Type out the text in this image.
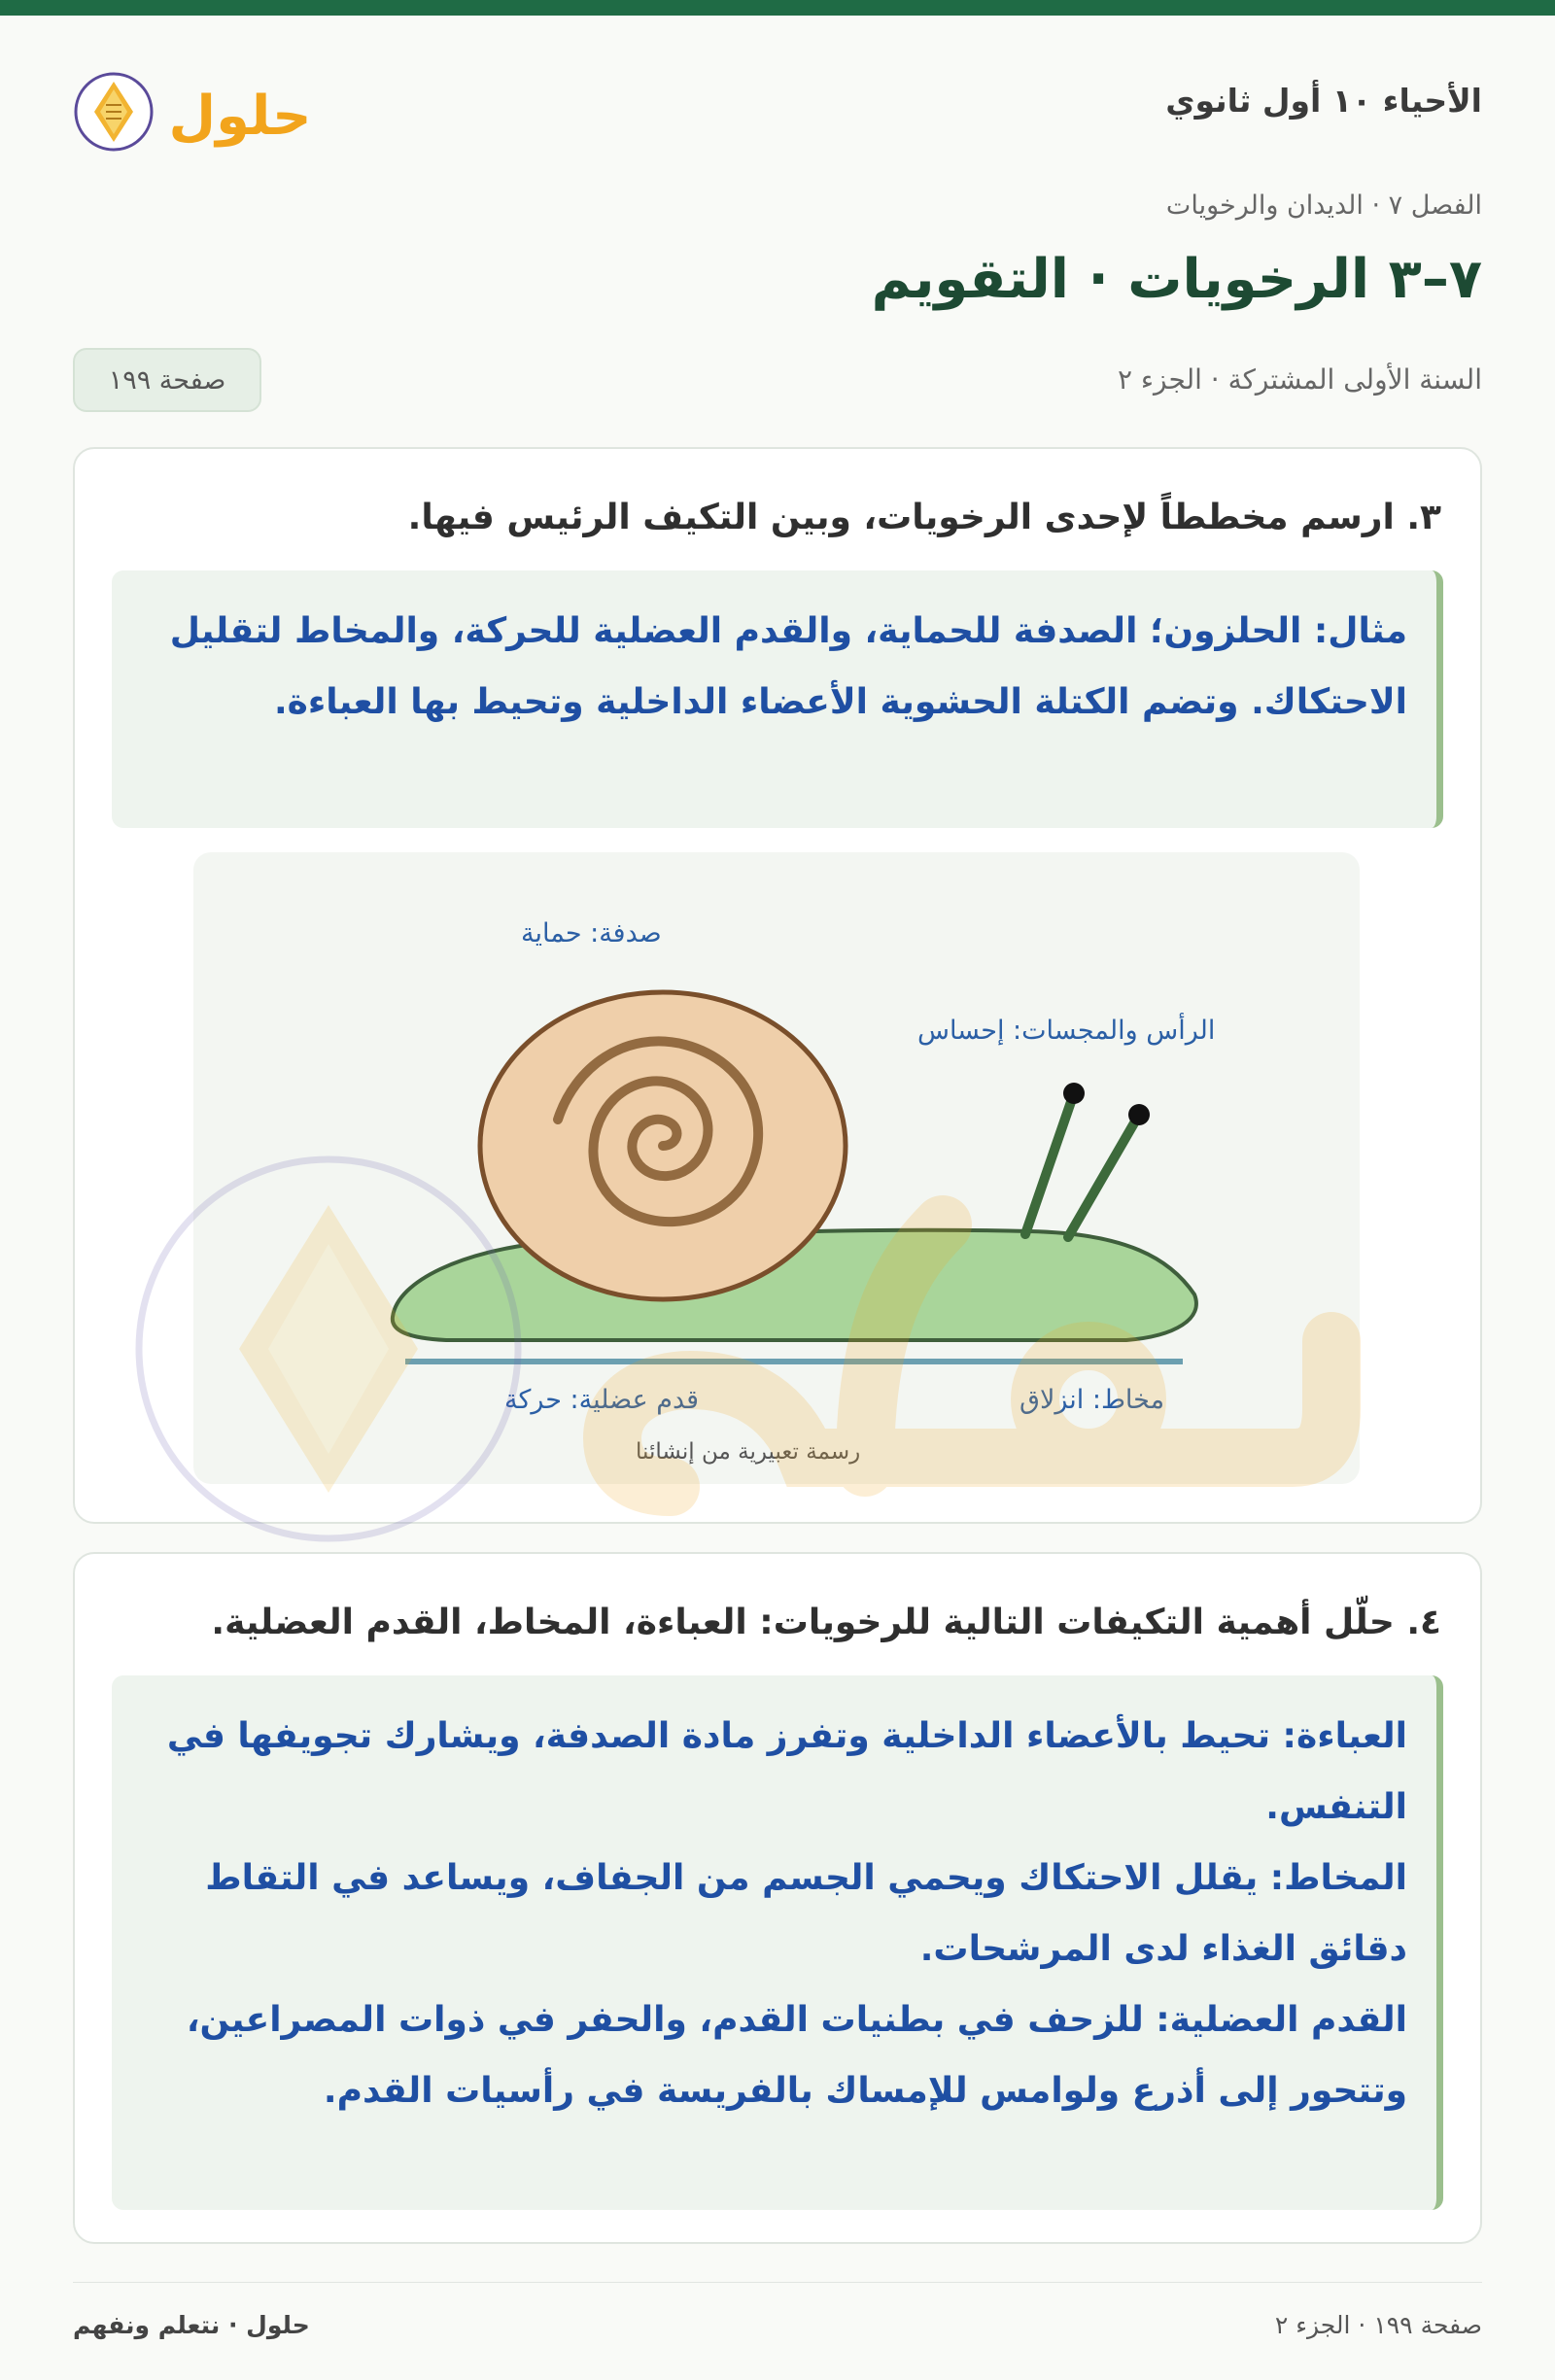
الأحياء ١٠ أول ثانوي
حلول
الفصل ٧ · الديدان والرخويات
٧–٣ الرخويات · التقويم
السنة الأولى المشتركة · الجزء ٢
صفحة ١٩٩
٣. ارسم مخططاً لإحدى الرخويات، وبين التكيف الرئيس فيها.

مثال: الحلزون؛ الصدفة للحماية، والقدم العضلية للحركة، والمخاط لتقليل الاحتكاك. وتضم الكتلة الحشوية الأعضاء الداخلية وتحيط بها العباءة.

صدفة: حماية
الرأس والمجسات: إحساس
قدم عضلية: حركة	مخاط: انزلاق
رسمة تعبيرية من إنشائنا
٤. حلّل أهمية التكيفات التالية للرخويات: العباءة، المخاط، القدم العضلية.

العباءة: تحيط بالأعضاء الداخلية وتفرز مادة الصدفة، ويشارك تجويفها في التنفس.

المخاط: يقلل الاحتكاك ويحمي الجسم من الجفاف، ويساعد في التقاط دقائق الغذاء لدى المرشحات.

القدم العضلية: للزحف في بطنيات القدم، والحفر في ذوات المصراعين، وتتحور إلى أذرع ولوامس للإمساك بالفريسة في رأسيات القدم.

صفحة ١٩٩ · الجزء ٢
حلول · نتعلم ونفهم
